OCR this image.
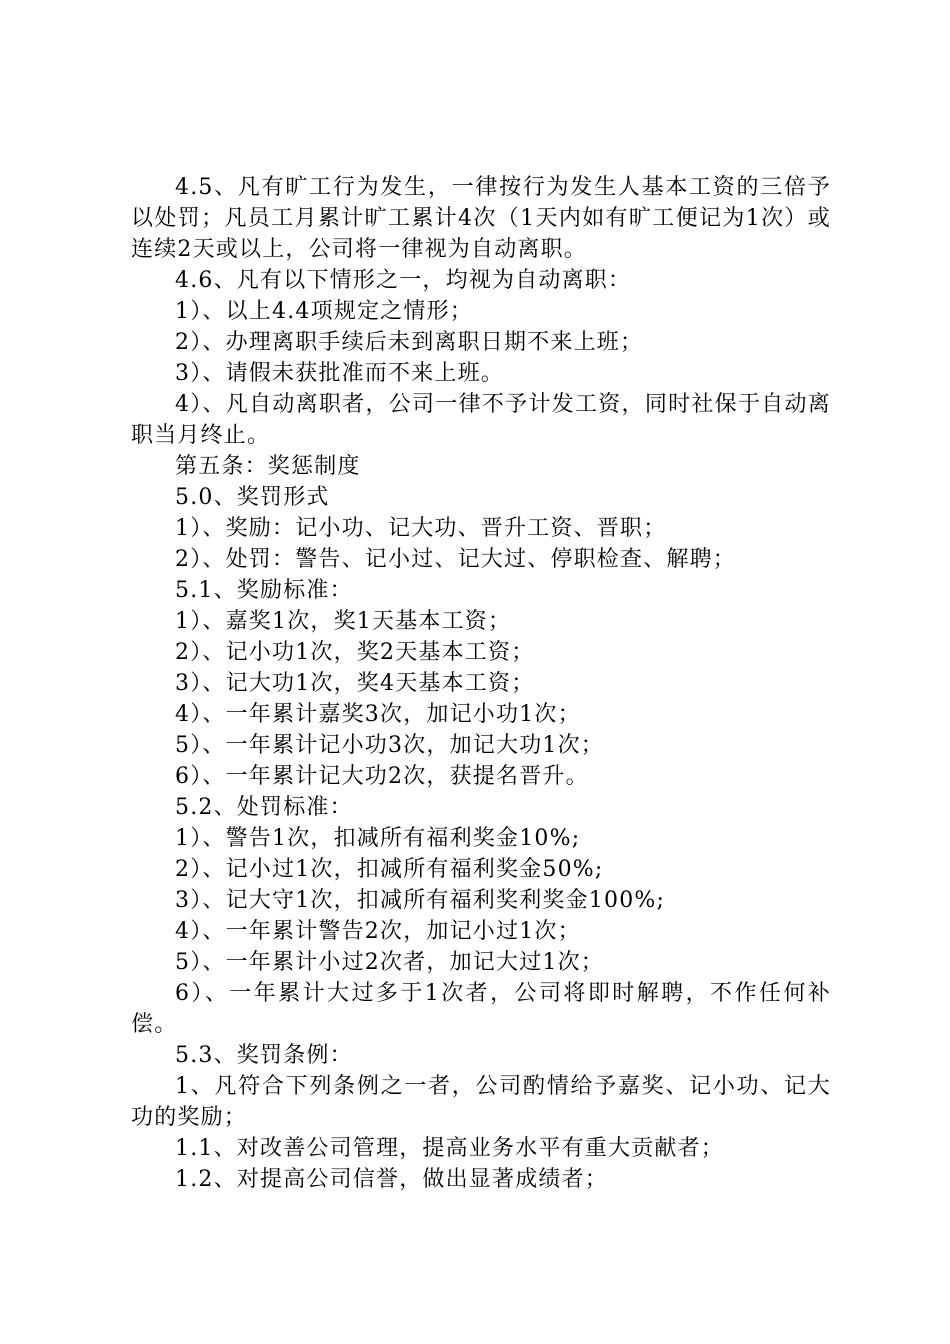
4.5、凡有旷工行为发生，一律按行为发生人基本工资的三倍予以处罚；凡员工月累计旷工累计4次（1天内如有旷工便记为1次）或连续2天或以上，公司将一律视为自动离职。

4.6、凡有以下情形之一，均视为自动离职：

1）、以上4.4项规定之情形；

2）、办理离职手续后未到离职日期不来上班；

3）、请假未获批准而不来上班。

4）、凡自动离职者，公司一律不予计发工资，同时社保于自动离职当月终止。

第五条：奖惩制度

5.0、奖罚形式

1）、奖励：记小功、记大功、晋升工资、晋职；

2）、处罚：警告、记小过、记大过、停职检查、解聘；

5.1、奖励标准：

1）、嘉奖1次，奖1天基本工资；

2）、记小功1次，奖2天基本工资；

3）、记大功1次，奖4天基本工资；

4）、一年累计嘉奖3次，加记小功1次；

5）、一年累计记小功3次，加记大功1次；

6）、一年累计记大功2次，获提名晋升。

5.2、处罚标准：

1）、警告1次，扣减所有福利奖金10%;

2）、记小过1次，扣减所有福利奖金50%;

3）、记大守1次，扣减所有福利奖利奖金100%;

4）、一年累计警告2次，加记小过1次；

5）、一年累计小过2次者，加记大过1次；

6）、一年累计大过多于1次者，公司将即时解聘，不作任何补偿。

5.3、奖罚条例：

1、凡符合下列条例之一者，公司酌情给予嘉奖、记小功、记大功的奖励；

1.1、对改善公司管理，提高业务水平有重大贡献者；

1.2、对提高公司信誉，做出显著成绩者；
